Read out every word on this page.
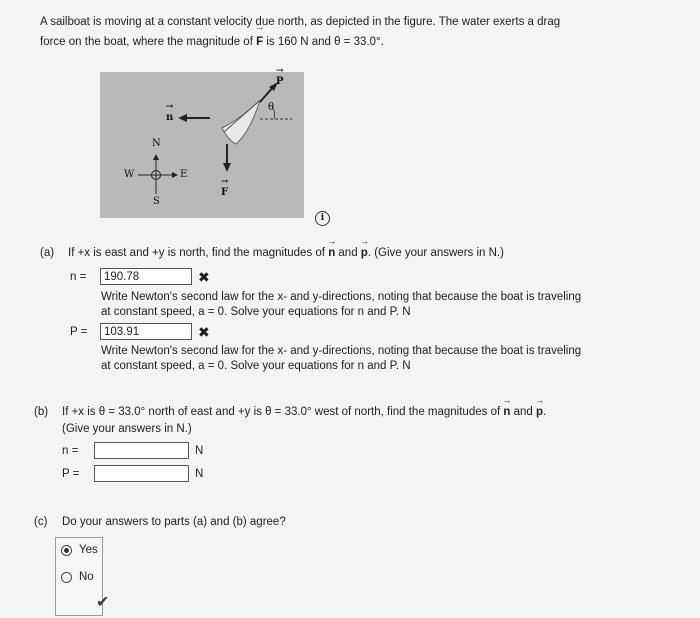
A sailboat is moving at a constant velocity due north, as depicted in the figure. The water exerts a drag
force on the boat, where the magnitude of → F is 160 N and θ = 33.0°.
→ P
θ
→ n
→ F
N
S
E
W
i
(a) If +x is east and +y is north, find the magnitudes of → n and → p. (Give your answers in N.)
n =	190.78	✖
Write Newton's second law for the x- and y-directions, noting that because the boat is traveling
at constant speed, a = 0. Solve your equations for n and P. N
P =	103.91	✖
Write Newton's second law for the x- and y-directions, noting that because the boat is traveling
at constant speed, a = 0. Solve your equations for n and P. N
(b) If +x is θ = 33.0° north of east and +y is θ = 33.0° west of north, find the magnitudes of → n and → p.
(Give your answers in N.)
n =	N
P =	N
(c) Do your answers to parts (a) and (b) agree?
Yes
No
✔
